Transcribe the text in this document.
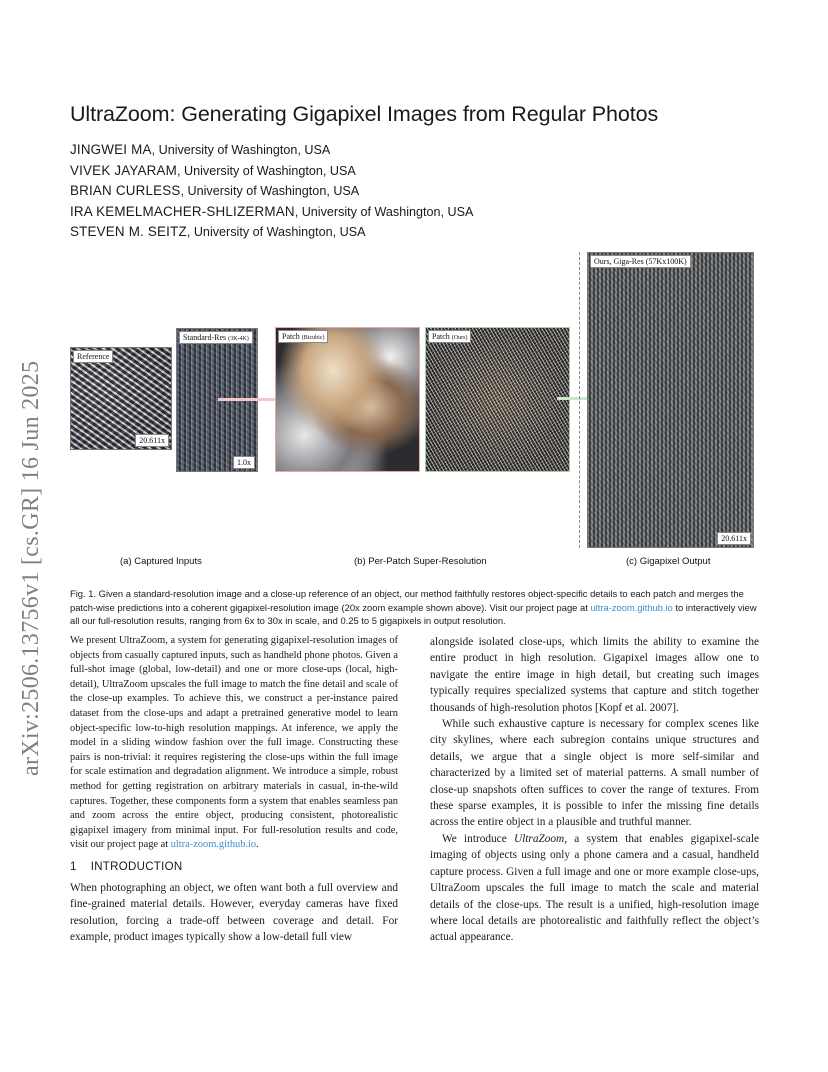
arXiv:2506.13756v1 [cs.GR] 16 Jun 2025
UltraZoom: Generating Gigapixel Images from Regular Photos
JINGWEI MA, University of Washington, USA
VIVEK JAYARAM, University of Washington, USA
BRIAN CURLESS, University of Washington, USA
IRA KEMELMACHER-SHLIZERMAN, University of Washington, USA
STEVEN M. SEITZ, University of Washington, USA
Reference
20.611x
Standard-Res (3K-4K)
1.0x
Patch (Bicubic)	Patch (Ours)
Ours, Giga-Res (57Kx100K)
20.611x
(a) Captured Inputs	(b) Per-Patch Super-Resolution	(c) Gigapixel Output

Fig. 1. Given a standard-resolution image and a close-up reference of an object, our method faithfully restores object-specific details to each patch and merges the patch-wise predictions into a coherent gigapixel-resolution image (20x zoom example shown above). Visit our project page at ultra-zoom.github.io to interactively view all our full-resolution results, ranging from 6x to 30x in scale, and 0.25 to 5 gigapixels in output resolution.

We present UltraZoom, a system for generating gigapixel-resolution images of objects from casually captured inputs, such as handheld phone photos. Given a full-shot image (global, low-detail) and one or more close-ups (local, high-detail), UltraZoom upscales the full image to match the fine detail and scale of the close-up examples. To achieve this, we construct a per-instance paired dataset from the close-ups and adapt a pretrained generative model to learn object-specific low-to-high resolution mappings. At inference, we apply the model in a sliding window fashion over the full image. Constructing these pairs is non-trivial: it requires registering the close-ups within the full image for scale estimation and degradation alignment. We introduce a simple, robust method for getting registration on arbitrary materials in casual, in-the-wild captures. Together, these components form a system that enables seamless pan and zoom across the entire object, producing consistent, photorealistic gigapixel imagery from minimal input. For full-resolution results and code, visit our project page at ultra-zoom.github.io.

1 INTRODUCTION

When photographing an object, we often want both a full overview and fine-grained material details. However, everyday cameras have fixed resolution, forcing a trade-off between coverage and detail. For example, product images typically show a low-detail full view

alongside isolated close-ups, which limits the ability to examine the entire product in high resolution. Gigapixel images allow one to navigate the entire image in high detail, but creating such images typically requires specialized systems that capture and stitch together thousands of high-resolution photos [Kopf et al. 2007].

While such exhaustive capture is necessary for complex scenes like city skylines, where each subregion contains unique structures and details, we argue that a single object is more self-similar and characterized by a limited set of material patterns. A small number of close-up snapshots often suffices to cover the range of textures. From these sparse examples, it is possible to infer the missing fine details across the entire object in a plausible and truthful manner.

We introduce UltraZoom, a system that enables gigapixel-scale imaging of objects using only a phone camera and a casual, handheld capture process. Given a full image and one or more example close-ups, UltraZoom upscales the full image to match the scale and material details of the close-ups. The result is a unified, high-resolution image where local details are photorealistic and faithfully reflect the object’s actual appearance.
